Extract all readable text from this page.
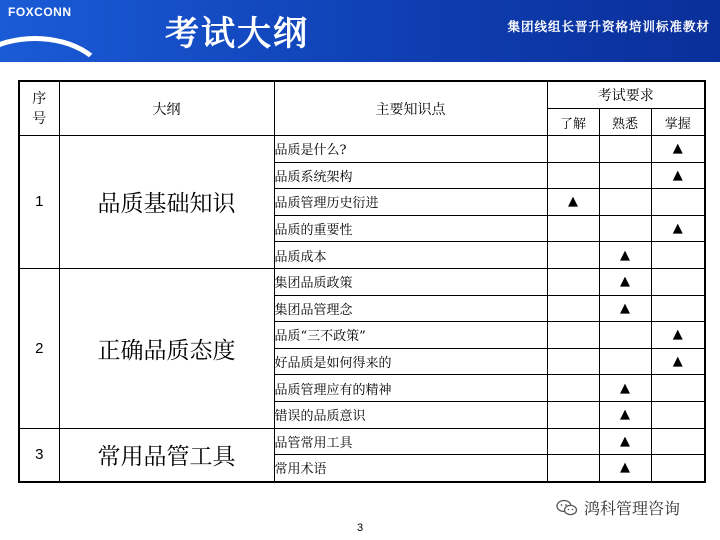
FOXCONN
考试大纲	集团线组长晋升资格培训标准教材
序
号	大纲	主要知识点	考试要求		
			了解	熟悉	掌握
1	品质基础知识	品质是什么?			▲
		品质系统架构			▲
		品质管理历史衍进	▲		
		品质的重要性			▲
		品质成本		▲	
2	正确品质态度	集团品质政策		▲	
		集团品管理念		▲	
		品质“三不政策”			▲
		好品质是如何得来的			▲
		品质管理应有的精神		▲	
		错误的品质意识		▲	
3	常用品管工具	品管常用工具		▲	
		常用术语		▲	
3
鸿科管理咨询
